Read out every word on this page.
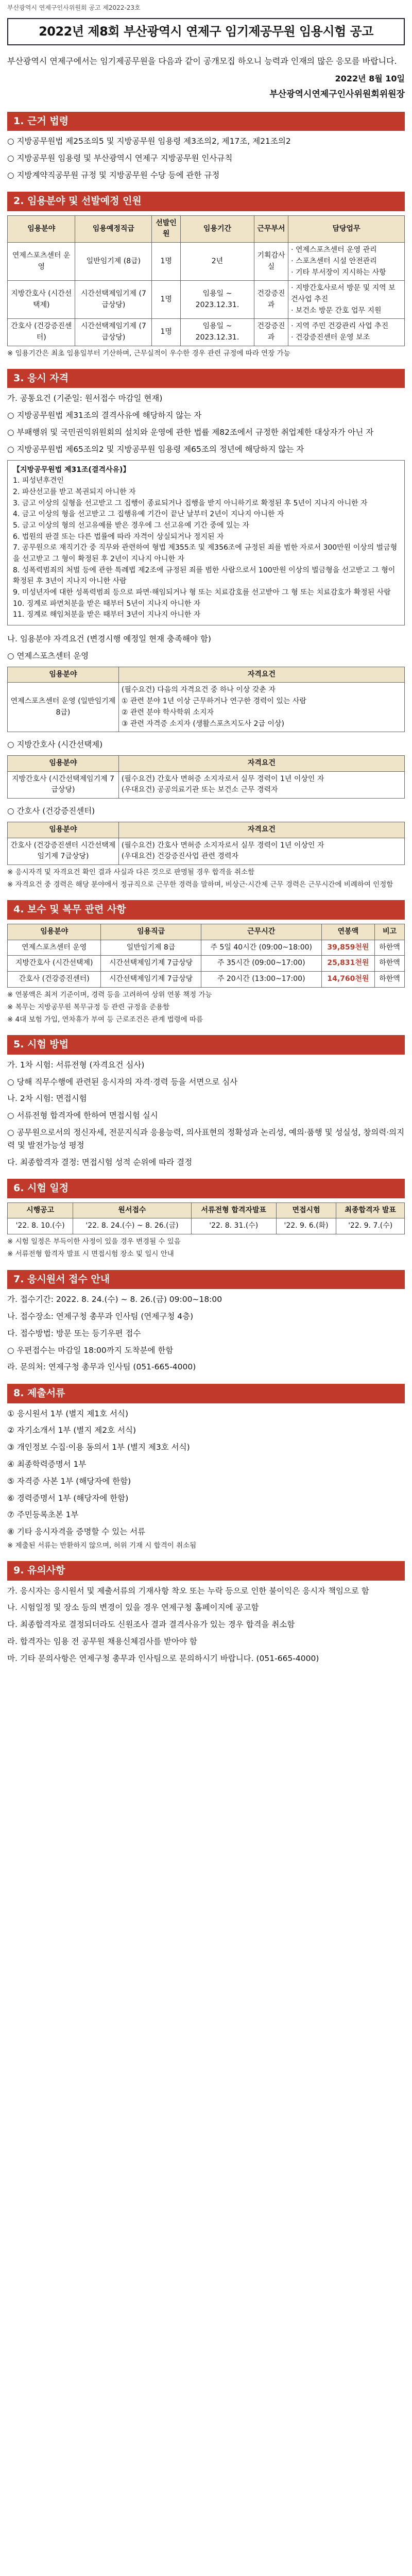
부산광역시 연제구인사위원회 공고 제2022-23호
2022년 제8회 부산광역시 연제구 임기제공무원 임용시험 공고
부산광역시 연제구에서는 임기제공무원을 다음과 같이 공개모집 하오니 능력과 인재의 많은 응모를 바랍니다.
2022년 8월 10일
부산광역시연제구인사위원회위원장
1. 근거 법령
○ 지방공무원법 제25조의5 및 지방공무원 임용령 제3조의2, 제17조, 제21조의2
○ 지방공무원 임용령 및 부산광역시 연제구 지방공무원 인사규칙
○ 지방계약직공무원 규정 및 지방공무원 수당 등에 관한 규정
2. 임용분야 및 선발예정 인원
임용분야	임용예정직급	선발인원	임용기간	근무부서	담당업무
연제스포츠센터 운영	일반임기제 (8급)	1명	2년	기획감사실	· 연제스포츠센터 운영 관리
· 스포츠센터 시설 안전관리
· 기타 부서장이 지시하는 사항
지방간호사 (시간선택제)	시간선택제임기제 (7급상당)	1명	임용일 ~ 2023.12.31.	건강증진과	· 지방간호사로서 방문 및 지역 보건사업 추진
· 보건소 방문 간호 업무 지원
간호사 (건강증진센터)	시간선택제임기제 (7급상당)	1명	임용일 ~ 2023.12.31.	건강증진과	· 지역 주민 건강관리 사업 추진
· 건강증진센터 운영 보조
※ 임용기간은 최초 임용일부터 기산하며, 근무실적이 우수한 경우 관련 규정에 따라 연장 가능
3. 응시 자격
가. 공통요건 (기준일: 원서접수 마감일 현재)
○ 지방공무원법 제31조의 결격사유에 해당하지 않는 자
○ 부패행위 및 국민권익위원회의 설치와 운영에 관한 법률 제82조에서 규정한 취업제한 대상자가 아닌 자
○ 지방공무원법 제65조의2 및 지방공무원 임용령 제65조의 정년에 해당하지 않는 자
【지방공무원법 제31조(결격사유)】
1. 피성년후견인
2. 파산선고를 받고 복권되지 아니한 자
3. 금고 이상의 실형을 선고받고 그 집행이 종료되거나 집행을 받지 아니하기로 확정된 후 5년이 지나지 아니한 자
4. 금고 이상의 형을 선고받고 그 집행유예 기간이 끝난 날부터 2년이 지나지 아니한 자
5. 금고 이상의 형의 선고유예를 받은 경우에 그 선고유예 기간 중에 있는 자
6. 법원의 판결 또는 다른 법률에 따라 자격이 상실되거나 정지된 자
7. 공무원으로 재직기간 중 직무와 관련하여 형법 제355조 및 제356조에 규정된 죄를 범한 자로서 300만원 이상의 벌금형을 선고받고 그 형이 확정된 후 2년이 지나지 아니한 자
8. 성폭력범죄의 처벌 등에 관한 특례법 제2조에 규정된 죄를 범한 사람으로서 100만원 이상의 벌금형을 선고받고 그 형이 확정된 후 3년이 지나지 아니한 사람
9. 미성년자에 대한 성폭력범죄 등으로 파면·해임되거나 형 또는 치료감호를 선고받아 그 형 또는 치료감호가 확정된 사람
10. 징계로 파면처분을 받은 때부터 5년이 지나지 아니한 자
11. 징계로 해임처분을 받은 때부터 3년이 지나지 아니한 자
나. 임용분야 자격요건 (변경시행 예정일 현재 충족해야 함)
○ 연제스포츠센터 운영
임용분야	자격요건
연제스포츠센터 운영 (일반임기제 8급)	(필수요건) 다음의 자격요건 중 하나 이상 갖춘 자
① 관련 분야 1년 이상 근무하거나 연구한 경력이 있는 사람
② 관련 분야 학사학위 소지자
③ 관련 자격증 소지자 (생활스포츠지도사 2급 이상)
○ 지방간호사 (시간선택제)
임용분야	자격요건
지방간호사 (시간선택제임기제 7급상당)	(필수요건) 간호사 면허증 소지자로서 실무 경력이 1년 이상인 자
(우대요건) 공공의료기관 또는 보건소 근무 경력자
○ 간호사 (건강증진센터)
임용분야	자격요건
간호사 (건강증진센터 시간선택제임기제 7급상당)	(필수요건) 간호사 면허증 소지자로서 실무 경력이 1년 이상인 자
(우대요건) 건강증진사업 관련 경력자
※ 응시자격 및 자격요건 확인 결과 사실과 다른 것으로 판명될 경우 합격을 취소함
※ 자격요건 중 경력은 해당 분야에서 정규직으로 근무한 경력을 말하며, 비상근·시간제 근무 경력은 근무시간에 비례하여 인정함
4. 보수 및 복무 관련 사항
임용분야	임용직급	근무시간	연봉액	비고
연제스포츠센터 운영	일반임기제 8급	주 5일 40시간 (09:00~18:00)	39,859천원	하한액
지방간호사 (시간선택제)	시간선택제임기제 7급상당	주 35시간 (09:00~17:00)	25,831천원	하한액
간호사 (건강증진센터)	시간선택제임기제 7급상당	주 20시간 (13:00~17:00)	14,760천원	하한액
※ 연봉액은 최저 기준이며, 경력 등을 고려하여 상위 연봉 책정 가능
※ 복무는 지방공무원 복무규정 등 관련 규정을 준용함
※ 4대 보험 가입, 연차휴가 부여 등 근로조건은 관계 법령에 따름
5. 시험 방법
가. 1차 시험: 서류전형 (자격요건 심사)
○ 당해 직무수행에 관련된 응시자의 자격·경력 등을 서면으로 심사
나. 2차 시험: 면접시험
○ 서류전형 합격자에 한하여 면접시험 실시
○ 공무원으로서의 정신자세, 전문지식과 응용능력, 의사표현의 정확성과 논리성, 예의·품행 및 성실성, 창의력·의지력 및 발전가능성 평정
다. 최종합격자 결정: 면접시험 성적 순위에 따라 결정
6. 시험 일정
시행공고	원서접수	서류전형 합격자발표	면접시험	최종합격자 발표
'22. 8. 10.(수)	'22. 8. 24.(수) ~ 8. 26.(금)	'22. 8. 31.(수)	'22. 9. 6.(화)	'22. 9. 7.(수)
※ 시험 일정은 부득이한 사정이 있을 경우 변경될 수 있음
※ 서류전형 합격자 발표 시 면접시험 장소 및 일시 안내
7. 응시원서 접수 안내
가. 접수기간: 2022. 8. 24.(수) ~ 8. 26.(금) 09:00~18:00
나. 접수장소: 연제구청 총무과 인사팀 (연제구청 4층)
다. 접수방법: 방문 또는 등기우편 접수
○ 우편접수는 마감일 18:00까지 도착분에 한함
라. 문의처: 연제구청 총무과 인사팀 (051-665-4000)
8. 제출서류
① 응시원서 1부 (별지 제1호 서식)
② 자기소개서 1부 (별지 제2호 서식)
③ 개인정보 수집·이용 동의서 1부 (별지 제3호 서식)
④ 최종학력증명서 1부
⑤ 자격증 사본 1부 (해당자에 한함)
⑥ 경력증명서 1부 (해당자에 한함)
⑦ 주민등록초본 1부
⑧ 기타 응시자격을 증명할 수 있는 서류
※ 제출된 서류는 반환하지 않으며, 허위 기재 시 합격이 취소됨
9. 유의사항
가. 응시자는 응시원서 및 제출서류의 기재사항 착오 또는 누락 등으로 인한 불이익은 응시자 책임으로 함
나. 시험일정 및 장소 등의 변경이 있을 경우 연제구청 홈페이지에 공고함
다. 최종합격자로 결정되더라도 신원조사 결과 결격사유가 있는 경우 합격을 취소함
라. 합격자는 임용 전 공무원 채용신체검사를 받아야 함
마. 기타 문의사항은 연제구청 총무과 인사팀으로 문의하시기 바랍니다. (051-665-4000)
